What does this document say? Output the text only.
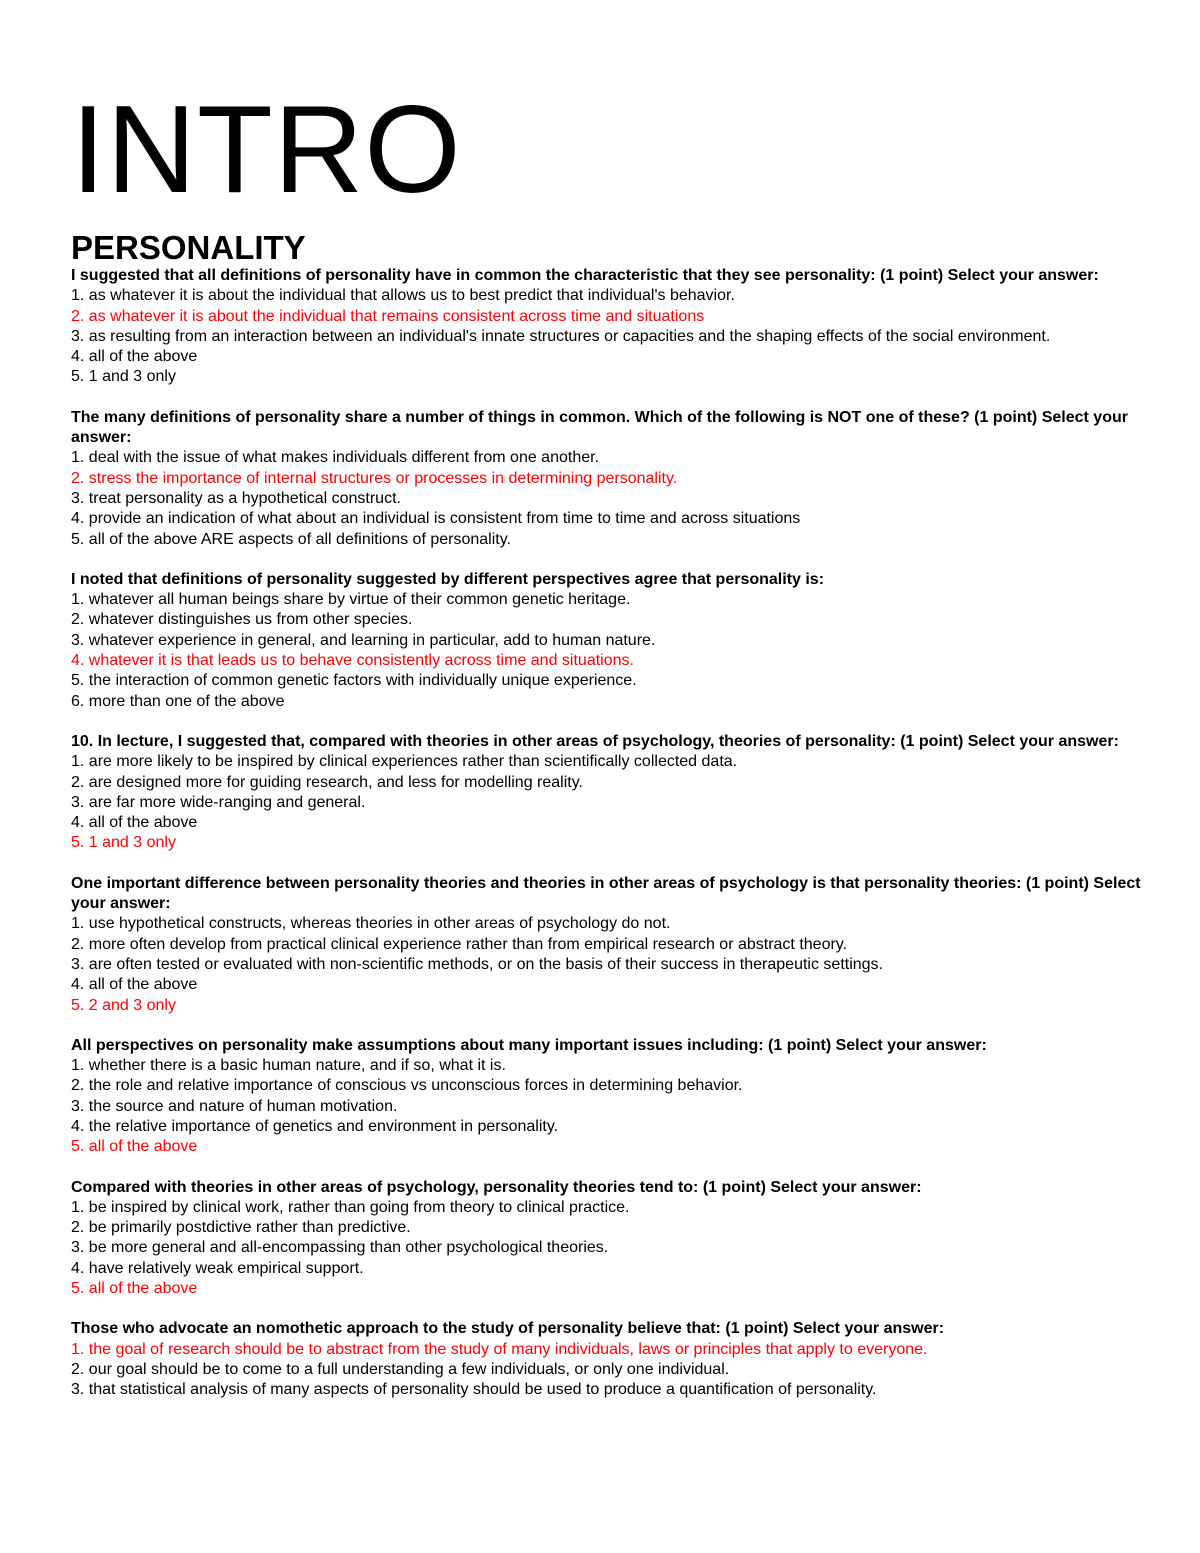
INTRO
PERSONALITY

I suggested that all definitions of personality have in common the characteristic that they see personality: (1 point) Select your answer:

1. as whatever it is about the individual that allows us to best predict that individual's behavior.
2. as whatever it is about the individual that remains consistent across time and situations
3. as resulting from an interaction between an individual's innate structures or capacities and the shaping effects of the social environment.
4. all of the above
5. 1 and 3 only

The many definitions of personality share a number of things in common. Which of the following is NOT one of these? (1 point) Select your answer:

1. deal with the issue of what makes individuals different from one another.
2. stress the importance of internal structures or processes in determining personality.
3. treat personality as a hypothetical construct.
4. provide an indication of what about an individual is consistent from time to time and across situations
5. all of the above ARE aspects of all definitions of personality.

I noted that definitions of personality suggested by different perspectives agree that personality is:

1. whatever all human beings share by virtue of their common genetic heritage.
2. whatever distinguishes us from other species.
3. whatever experience in general, and learning in particular, add to human nature.
4. whatever it is that leads us to behave consistently across time and situations.
5. the interaction of common genetic factors with individually unique experience.
6. more than one of the above

10. In lecture, I suggested that, compared with theories in other areas of psychology, theories of personality: (1 point) Select your answer:

1. are more likely to be inspired by clinical experiences rather than scientifically collected data.
2. are designed more for guiding research, and less for modelling reality.
3. are far more wide-ranging and general.
4. all of the above
5. 1 and 3 only

One important difference between personality theories and theories in other areas of psychology is that personality theories: (1 point) Select your answer:

1. use hypothetical constructs, whereas theories in other areas of psychology do not.
2. more often develop from practical clinical experience rather than from empirical research or abstract theory.
3. are often tested or evaluated with non-scientific methods, or on the basis of their success in therapeutic settings.
4. all of the above
5. 2 and 3 only

All perspectives on personality make assumptions about many important issues including: (1 point) Select your answer:

1. whether there is a basic human nature, and if so, what it is.
2. the role and relative importance of conscious vs unconscious forces in determining behavior.
3. the source and nature of human motivation.
4. the relative importance of genetics and environment in personality.
5. all of the above

Compared with theories in other areas of psychology, personality theories tend to: (1 point) Select your answer:

1. be inspired by clinical work, rather than going from theory to clinical practice.
2. be primarily postdictive rather than predictive.
3. be more general and all-encompassing than other psychological theories.
4. have relatively weak empirical support.
5. all of the above

Those who advocate an nomothetic approach to the study of personality believe that: (1 point) Select your answer:

1. the goal of research should be to abstract from the study of many individuals, laws or principles that apply to everyone.
2. our goal should be to come to a full understanding a few individuals, or only one individual.
3. that statistical analysis of many aspects of personality should be used to produce a quantification of personality.
